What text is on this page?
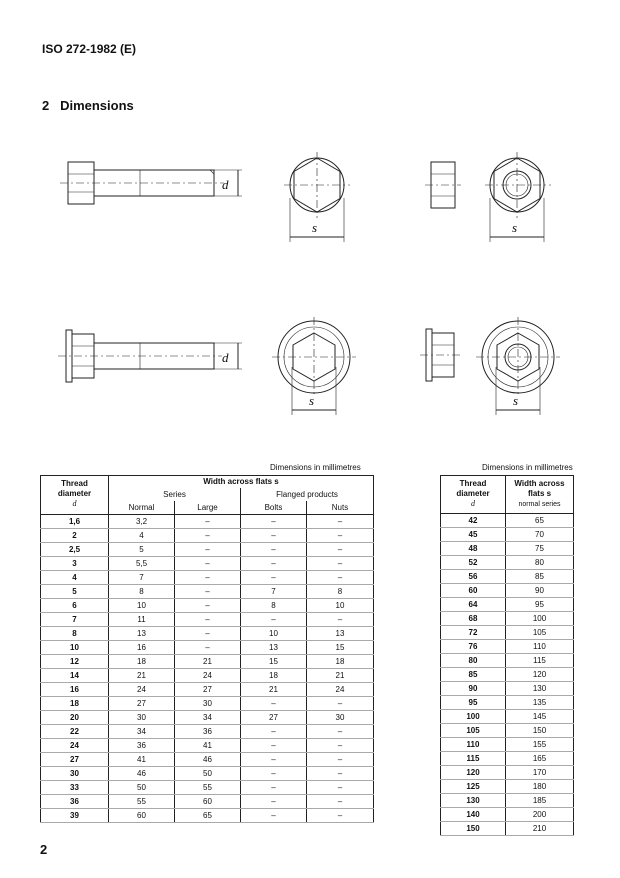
ISO 272-1982 (E)
2   Dimensions
d
s	s
d
s	s
Dimensions in millimetres
Thread
diameter
d	Width across flats s			
	Series		Flanged products	
	Normal	Large	Bolts	Nuts
1,6	3,2	–	–	–
2	4	–	–	–
2,5	5	–	–	–
3	5,5	–	–	–
4	7	–	–	–
5	8	–	7	8
6	10	–	8	10
7	11	–	–	–
8	13	–	10	13
10	16	–	13	15
12	18	21	15	18
14	21	24	18	21
16	24	27	21	24
18	27	30	–	–
20	30	34	27	30
22	34	36	–	–
24	36	41	–	–
27	41	46	–	–
30	46	50	–	–
33	50	55	–	–
36	55	60	–	–
39	60	65	–	–
Dimensions in millimetres
Thread
diameter
d	Width across
flats s
normal series
42	65
45	70
48	75
52	80
56	85
60	90
64	95
68	100
72	105
76	110
80	115
85	120
90	130
95	135
100	145
105	150
110	155
115	165
120	170
125	180
130	185
140	200
150	210
2
